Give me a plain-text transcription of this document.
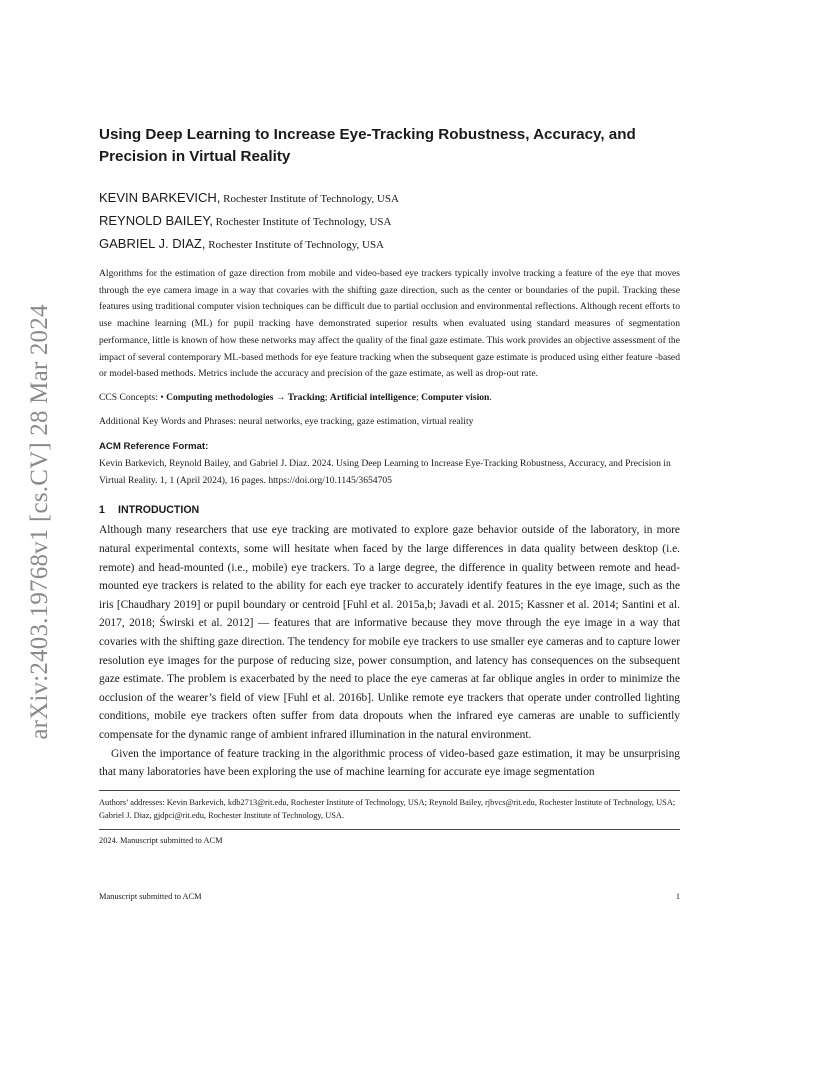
arXiv:2403.19768v1 [cs.CV] 28 Mar 2024
Using Deep Learning to Increase Eye-Tracking Robustness, Accuracy, and Precision in Virtual Reality
KEVIN BARKEVICH, Rochester Institute of Technology, USA
REYNOLD BAILEY, Rochester Institute of Technology, USA
GABRIEL J. DIAZ, Rochester Institute of Technology, USA
Algorithms for the estimation of gaze direction from mobile and video-based eye trackers typically involve tracking a feature of the eye that moves through the eye camera image in a way that covaries with the shifting gaze direction, such as the center or boundaries of the pupil. Tracking these features using traditional computer vision techniques can be difficult due to partial occlusion and environmental reflections. Although recent efforts to use machine learning (ML) for pupil tracking have demonstrated superior results when evaluated using standard measures of segmentation performance, little is known of how these networks may affect the quality of the final gaze estimate. This work provides an objective assessment of the impact of several contemporary ML-based methods for eye feature tracking when the subsequent gaze estimate is produced using either feature -based or model-based methods. Metrics include the accuracy and precision of the gaze estimate, as well as drop-out rate.
CCS Concepts: • Computing methodologies → Tracking; Artificial intelligence; Computer vision.
Additional Key Words and Phrases: neural networks, eye tracking, gaze estimation, virtual reality
ACM Reference Format:
Kevin Barkevich, Reynold Bailey, and Gabriel J. Diaz. 2024. Using Deep Learning to Increase Eye-Tracking Robustness, Accuracy, and Precision in Virtual Reality. 1, 1 (April 2024), 16 pages. https://doi.org/10.1145/3654705
1 INTRODUCTION

Although many researchers that use eye tracking are motivated to explore gaze behavior outside of the laboratory, in more natural experimental contexts, some will hesitate when faced by the large differences in data quality between desktop (i.e. remote) and head-mounted (i.e., mobile) eye trackers. To a large degree, the difference in quality between remote and head-mounted eye trackers is related to the ability for each eye tracker to accurately identify features in the eye image, such as the iris [Chaudhary 2019] or pupil boundary or centroid [Fuhl et al. 2015a,b; Javadi et al. 2015; Kassner et al. 2014; Santini et al. 2017, 2018; Świrski et al. 2012] — features that are informative because they move through the eye image in a way that covaries with the shifting gaze direction. The tendency for mobile eye trackers to use smaller eye cameras and to capture lower resolution eye images for the purpose of reducing size, power consumption, and latency has consequences on the subsequent gaze estimate. The problem is exacerbated by the need to place the eye cameras at far oblique angles in order to minimize the occlusion of the wearer’s field of view [Fuhl et al. 2016b]. Unlike remote eye trackers that operate under controlled lighting conditions, mobile eye trackers often suffer from data dropouts when the infrared eye cameras are unable to sufficiently compensate for the dynamic range of ambient infrared illumination in the natural environment.

Given the importance of feature tracking in the algorithmic process of video-based gaze estimation, it may be unsurprising that many laboratories have been exploring the use of machine learning for accurate eye image segmentation

Authors’ addresses: Kevin Barkevich, kdb2713@rit.edu, Rochester Institute of Technology, USA; Reynold Bailey, rjbvcs@rit.edu, Rochester Institute of Technology, USA; Gabriel J. Diaz, gjdpci@rit.edu, Rochester Institute of Technology, USA.
2024. Manuscript submitted to ACM
Manuscript submitted to ACM	1
